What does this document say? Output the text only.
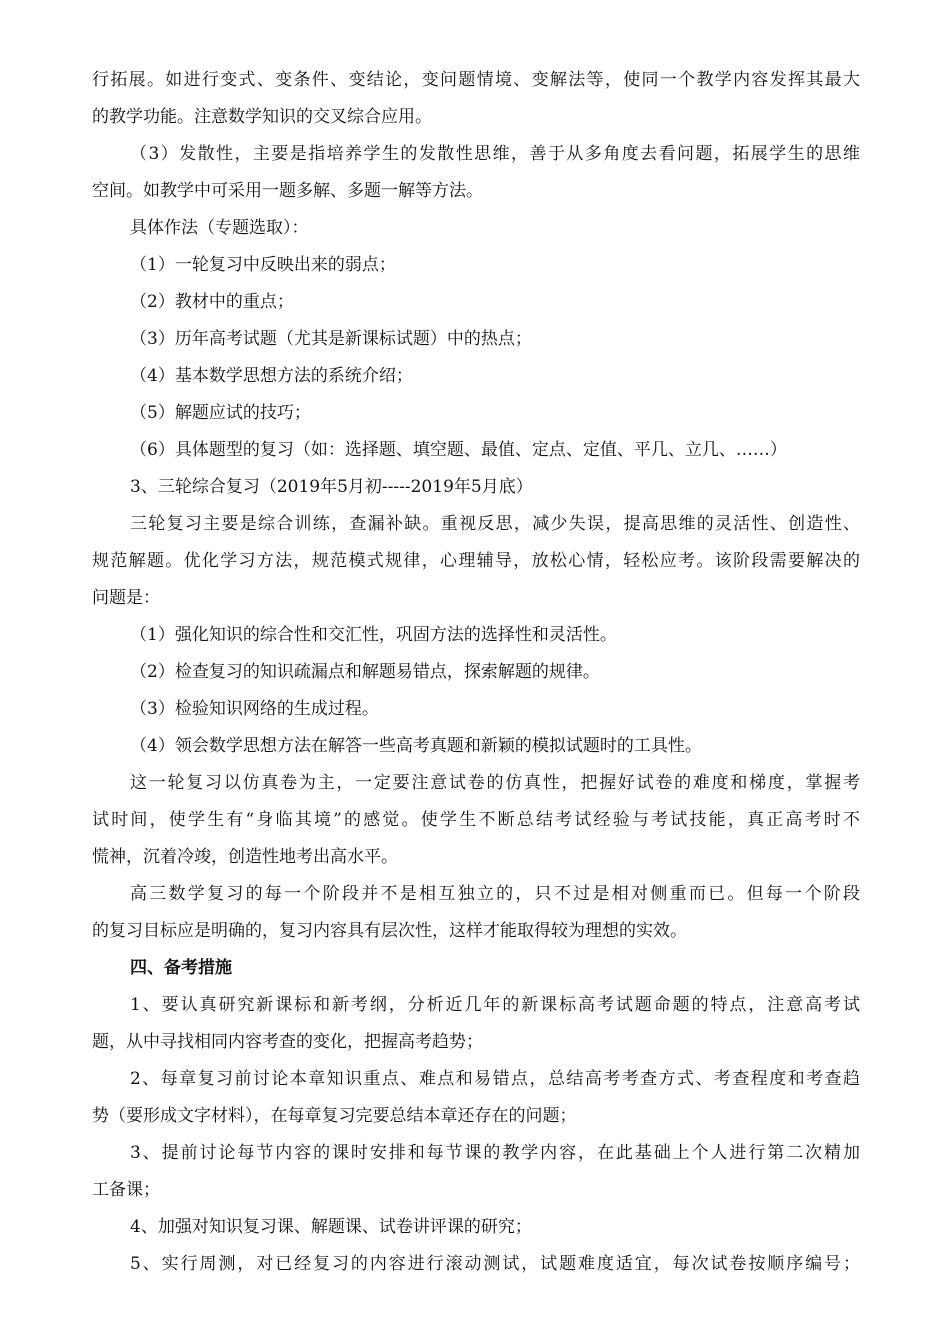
行拓展。如进行变式、变条件、变结论，变问题情境、变解法等，使同一个教学内容发挥其最大
的教学功能。注意数学知识的交叉综合应用。
（3）发散性，主要是指培养学生的发散性思维，善于从多角度去看问题，拓展学生的思维
空间。如教学中可采用一题多解、多题一解等方法。
具体作法（专题选取）：
（1）一轮复习中反映出来的弱点；
（2）教材中的重点；
（3）历年高考试题（尤其是新课标试题）中的热点；
（4）基本数学思想方法的系统介绍；
（5）解题应试的技巧；
（6）具体题型的复习（如：选择题、填空题、最值、定点、定值、平几、立几、……）
3、三轮综合复习（2019年5月初-----2019年5月底）
三轮复习主要是综合训练，查漏补缺。重视反思，减少失误，提高思维的灵活性、创造性、
规范解题。优化学习方法，规范模式规律，心理辅导，放松心情，轻松应考。该阶段需要解决的
问题是：
（1）强化知识的综合性和交汇性，巩固方法的选择性和灵活性。
（2）检查复习的知识疏漏点和解题易错点，探索解题的规律。
（3）检验知识网络的生成过程。
（4）领会数学思想方法在解答一些高考真题和新颖的模拟试题时的工具性。
这一轮复习以仿真卷为主，一定要注意试卷的仿真性，把握好试卷的难度和梯度，掌握考
试时间，使学生有“身临其境”的感觉。使学生不断总结考试经验与考试技能，真正高考时不
慌神，沉着冷竣，创造性地考出高水平。
高三数学复习的每一个阶段并不是相互独立的，只不过是相对侧重而已。但每一个阶段
的复习目标应是明确的，复习内容具有层次性，这样才能取得较为理想的实效。
四、备考措施
1、要认真研究新课标和新考纲，分析近几年的新课标高考试题命题的特点，注意高考试
题，从中寻找相同内容考查的变化，把握高考趋势；
2、每章复习前讨论本章知识重点、难点和易错点，总结高考考查方式、考查程度和考查趋
势（要形成文字材料），在每章复习完要总结本章还存在的问题；
3、提前讨论每节内容的课时安排和每节课的教学内容，在此基础上个人进行第二次精加
工备课；
4、加强对知识复习课、解题课、试卷讲评课的研究；
5、实行周测，对已经复习的内容进行滚动测试，试题难度适宜，每次试卷按顺序编号；
